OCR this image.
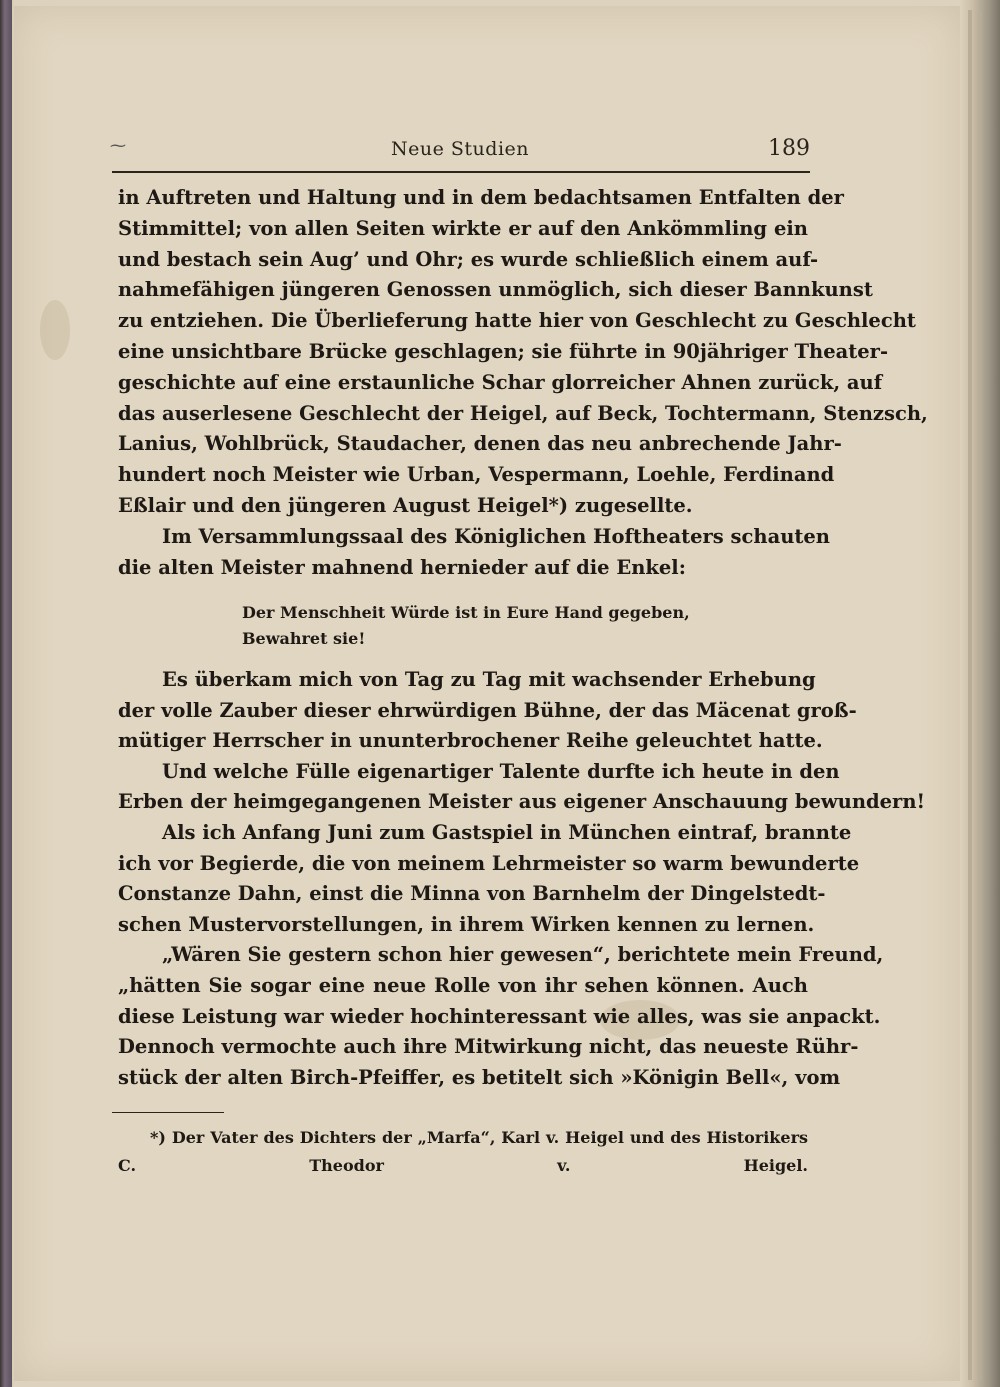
⁓	Neue Studien	189
in Auftreten und Haltung und in dem bedachtsamen Entfalten der
Stimmittel; von allen Seiten wirkte er auf den Ankömmling ein
und bestach sein Aug’ und Ohr; es wurde schließlich einem auf-
nahmefähigen jüngeren Genossen unmöglich, sich dieser Bannkunst
zu entziehen. Die Überlieferung hatte hier von Geschlecht zu Geschlecht
eine unsichtbare Brücke geschlagen; sie führte in 90jähriger Theater-
geschichte auf eine erstaunliche Schar glorreicher Ahnen zurück, auf
das auserlesene Geschlecht der Heigel, auf Beck, Tochtermann, Stenzsch,
Lanius, Wohlbrück, Staudacher, denen das neu anbrechende Jahr-
hundert noch Meister wie Urban, Vespermann, Loehle, Ferdinand
Eßlair und den jüngeren August Heigel*) zugesellte.
Im Versammlungssaal des Königlichen Hoftheaters schauten
die alten Meister mahnend hernieder auf die Enkel:
Der Menschheit Würde ist in Eure Hand gegeben,
Bewahret sie!
Es überkam mich von Tag zu Tag mit wachsender Erhebung
der volle Zauber dieser ehrwürdigen Bühne, der das Mäcenat groß-
mütiger Herrscher in ununterbrochener Reihe geleuchtet hatte.
Und welche Fülle eigenartiger Talente durfte ich heute in den
Erben der heimgegangenen Meister aus eigener Anschauung bewundern!
Als ich Anfang Juni zum Gastspiel in München eintraf, brannte
ich vor Begierde, die von meinem Lehrmeister so warm bewunderte
Constanze Dahn, einst die Minna von Barnhelm der Dingelstedt-
schen Mustervorstellungen, in ihrem Wirken kennen zu lernen.
„Wären Sie gestern schon hier gewesen“, berichtete mein Freund,
„hätten Sie sogar eine neue Rolle von ihr sehen können. Auch
diese Leistung war wieder hochinteressant wie alles, was sie anpackt.
Dennoch vermochte auch ihre Mitwirkung nicht, das neueste Rühr-
stück der alten Birch-Pfeiffer, es betitelt sich »Königin Bell«, vom
*) Der Vater des Dichters der „Marfa“, Karl v. Heigel und des Historikers
C. Theodor v. Heigel.
